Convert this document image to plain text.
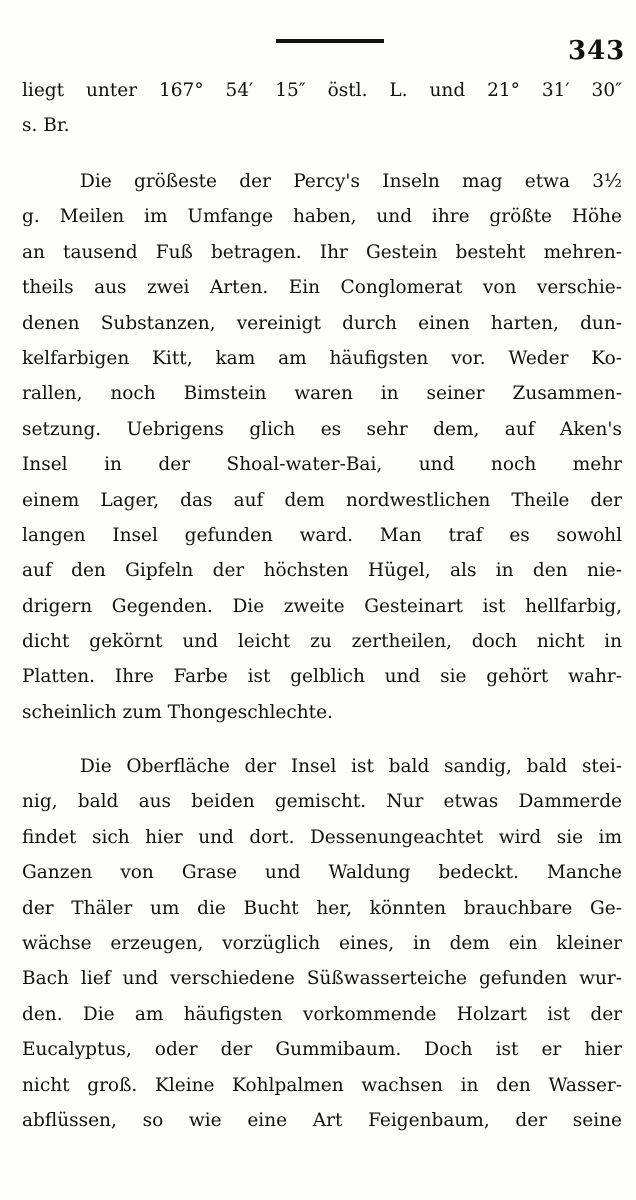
343
liegt unter 167° 54′ 15″ östl. L. und 21° 31′ 30″
s. Br.
Die größeste der Percy's Inseln mag etwa 3½
g. Meilen im Umfange haben, und ihre größte Höhe
an tausend Fuß betragen. Ihr Gestein besteht mehren-
theils aus zwei Arten. Ein Conglomerat von verschie-
denen Substanzen, vereinigt durch einen harten, dun-
kelfarbigen Kitt, kam am häufigsten vor. Weder Ko-
rallen, noch Bimstein waren in seiner Zusammen-
setzung. Uebrigens glich es sehr dem, auf Aken's
Insel in der Shoal-water-Bai, und noch mehr
einem Lager, das auf dem nordwestlichen Theile der
langen Insel gefunden ward. Man traf es sowohl
auf den Gipfeln der höchsten Hügel, als in den nie-
drigern Gegenden. Die zweite Gesteinart ist hellfarbig,
dicht gekörnt und leicht zu zertheilen, doch nicht in
Platten. Ihre Farbe ist gelblich und sie gehört wahr-
scheinlich zum Thongeschlechte.
Die Oberfläche der Insel ist bald sandig, bald stei-
nig, bald aus beiden gemischt. Nur etwas Dammerde
findet sich hier und dort. Dessenungeachtet wird sie im
Ganzen von Grase und Waldung bedeckt. Manche
der Thäler um die Bucht her, könnten brauchbare Ge-
wächse erzeugen, vorzüglich eines, in dem ein kleiner
Bach lief und verschiedene Süßwasserteiche gefunden wur-
den. Die am häufigsten vorkommende Holzart ist der
Eucalyptus, oder der Gummibaum. Doch ist er hier
nicht groß. Kleine Kohlpalmen wachsen in den Wasser-
abflüssen, so wie eine Art Feigenbaum, der seine
